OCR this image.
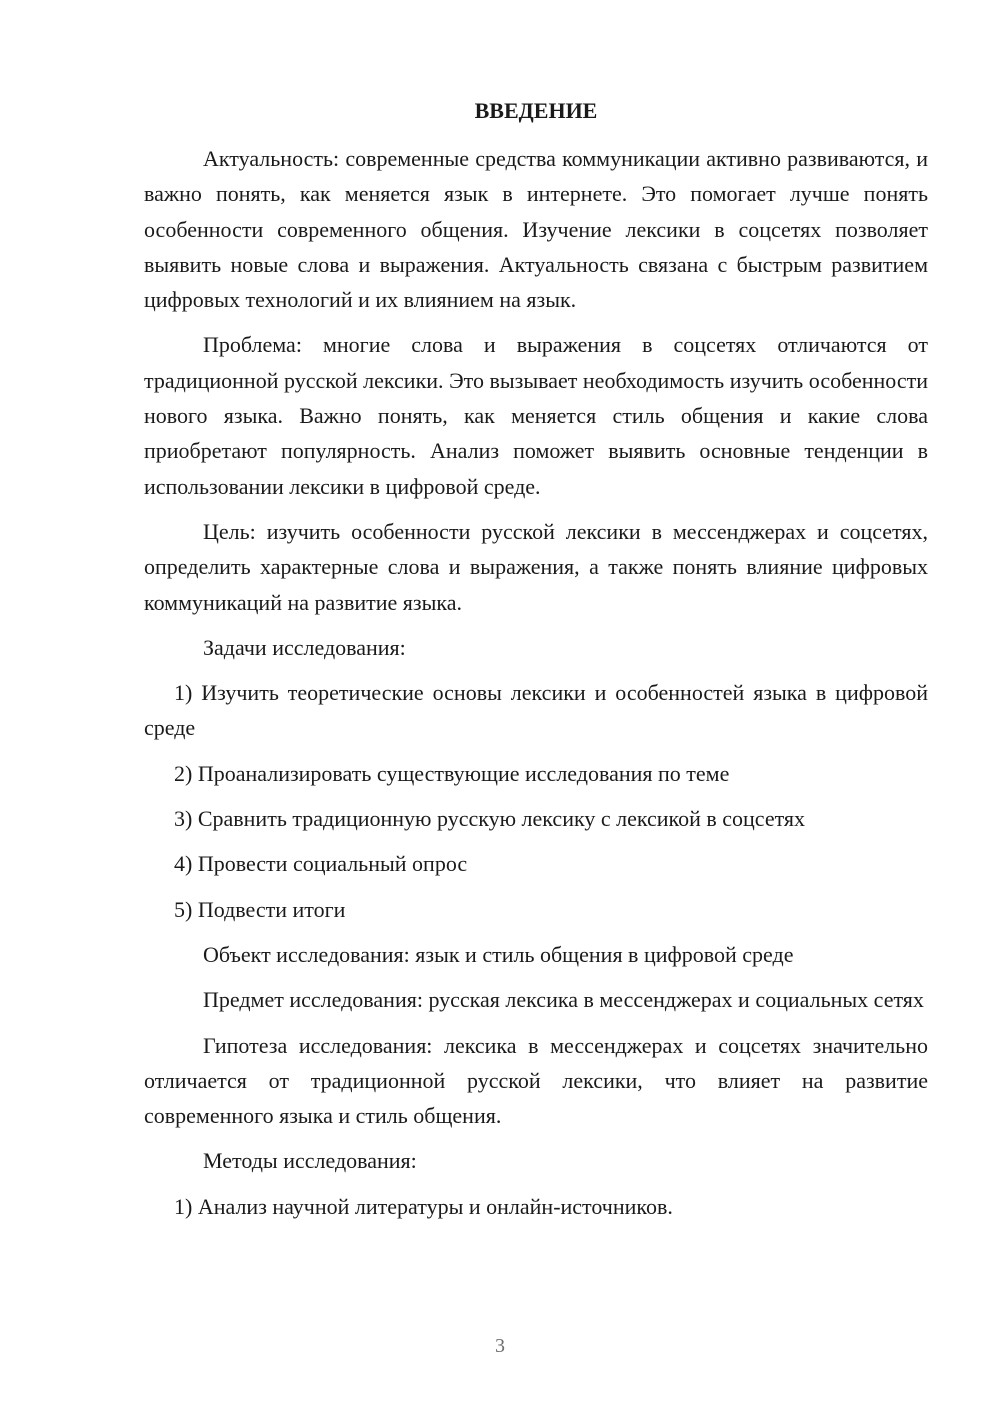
ВВЕДЕНИЕ

Актуальность: современные средства коммуникации активно развиваются, и важно понять, как меняется язык в интернете. Это помогает лучше понять особенности современного общения. Изучение лексики в соцсетях позволяет выявить новые слова и выражения. Актуальность связана с быстрым развитием цифровых технологий и их влиянием на язык.

Проблема: многие слова и выражения в соцсетях отличаются от традиционной русской лексики. Это вызывает необходимость изучить особенности нового языка. Важно понять, как меняется стиль общения и какие слова приобретают популярность. Анализ поможет выявить основные тенденции в использовании лексики в цифровой среде.

Цель: изучить особенности русской лексики в мессенджерах и соцсетях, определить характерные слова и выражения, а также понять влияние цифровых коммуникаций на развитие языка.

Задачи исследования:

1) Изучить теоретические основы лексики и особенностей языка в цифровой среде

2) Проанализировать существующие исследования по теме

3) Сравнить традиционную русскую лексику с лексикой в соцсетях

4) Провести социальный опрос

5) Подвести итоги

Объект исследования: язык и стиль общения в цифровой среде

Предмет исследования: русская лексика в мессенджерах и социальных сетях

Гипотеза исследования: лексика в мессенджерах и соцсетях значительно отличается от традиционной русской лексики, что влияет на развитие современного языка и стиль общения.

Методы исследования:

1) Анализ научной литературы и онлайн-источников.

3
